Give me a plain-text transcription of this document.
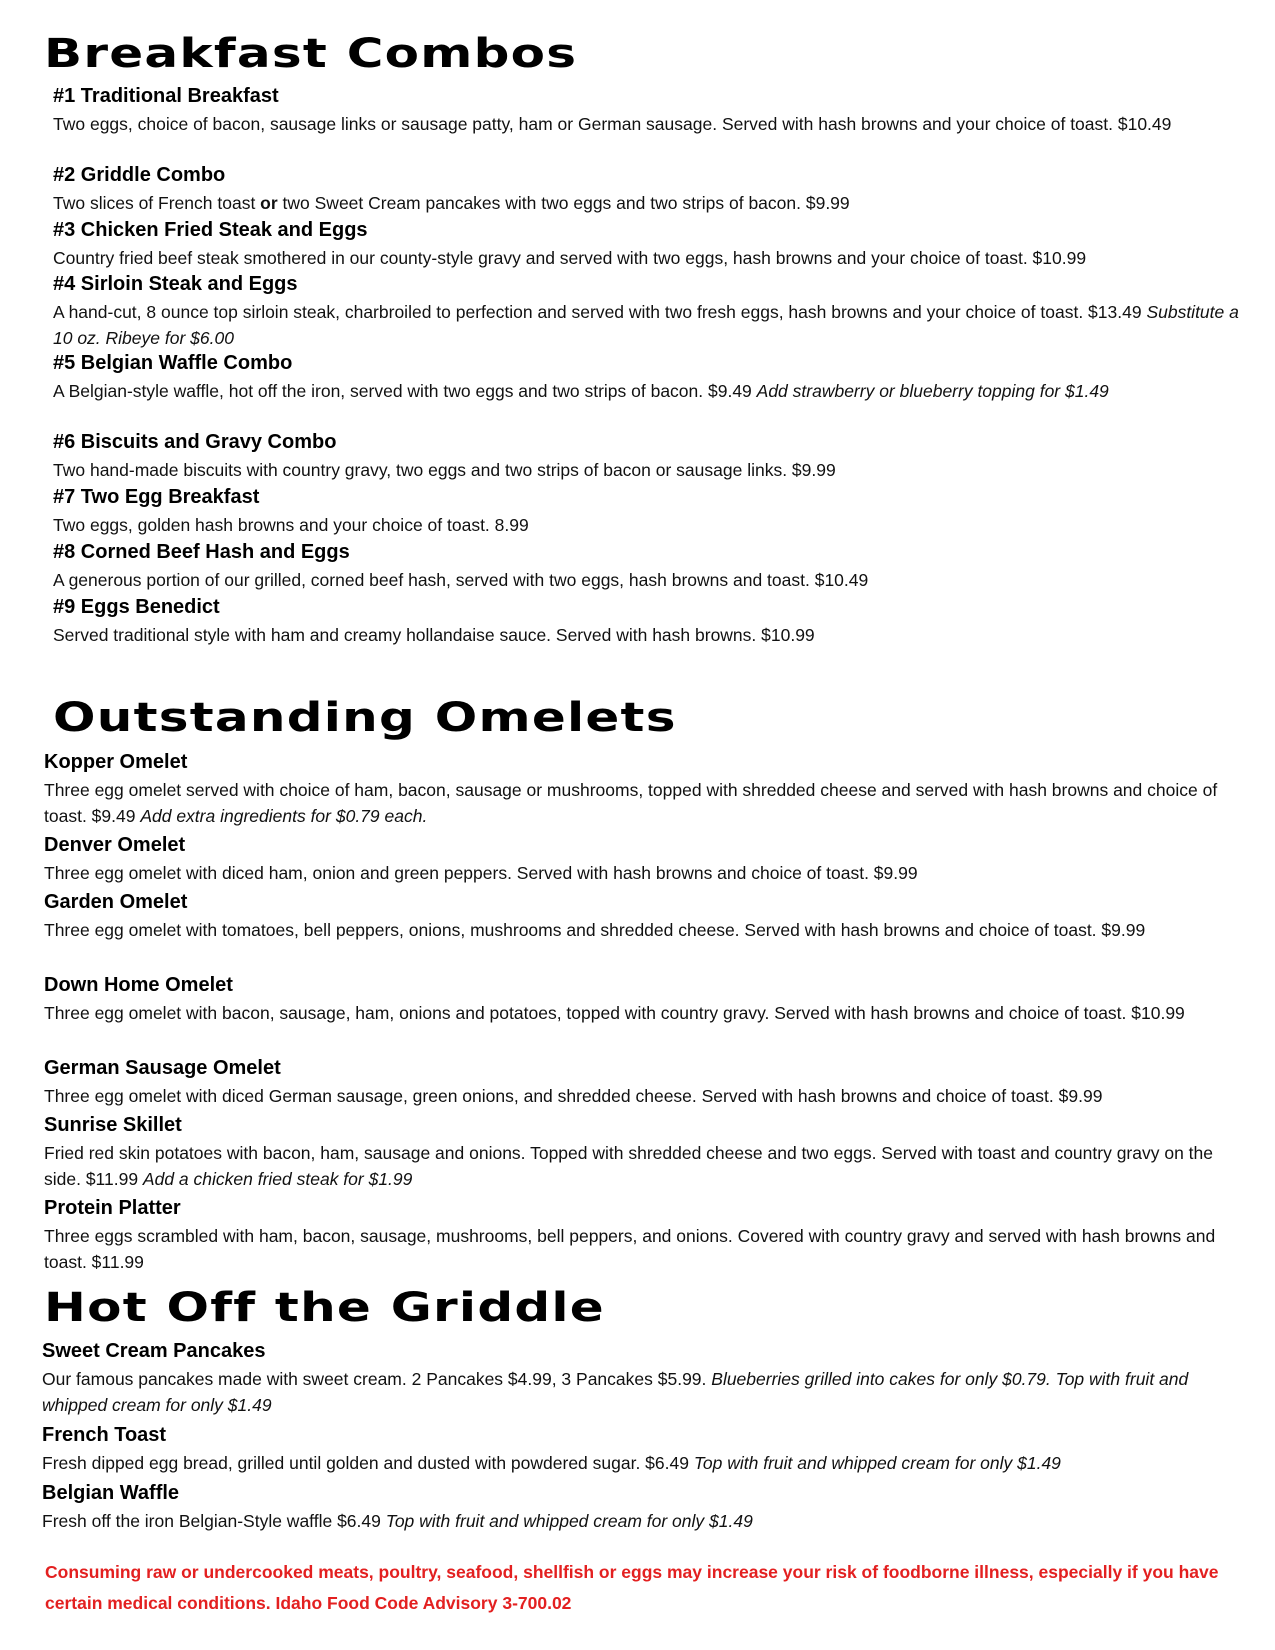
Breakfast Combos
#1 Traditional Breakfast
Two eggs, choice of bacon, sausage links or sausage patty, ham or German sausage. Served with hash browns and your choice of toast. $10.49
#2 Griddle Combo
Two slices of French toast or two Sweet Cream pancakes with two eggs and two strips of bacon. $9.99
#3 Chicken Fried Steak and Eggs
Country fried beef steak smothered in our county-style gravy and served with two eggs, hash browns and your choice of toast. $10.99
#4 Sirloin Steak and Eggs
A hand-cut, 8 ounce top sirloin steak, charbroiled to perfection and served with two fresh eggs, hash browns and your choice of toast. $13.49 Substitute a 10 oz. Ribeye for $6.00
#5 Belgian Waffle Combo
A Belgian-style waffle, hot off the iron, served with two eggs and two strips of bacon. $9.49 Add strawberry or blueberry topping for $1.49
#6 Biscuits and Gravy Combo
Two hand-made biscuits with country gravy, two eggs and two strips of bacon or sausage links. $9.99
#7 Two Egg Breakfast
Two eggs, golden hash browns and your choice of toast. 8.99
#8 Corned Beef Hash and Eggs
A generous portion of our grilled, corned beef hash, served with two eggs, hash browns and toast. $10.49
#9 Eggs Benedict
Served traditional style with ham and creamy hollandaise sauce. Served with hash browns. $10.99
Outstanding Omelets
Kopper Omelet
Three egg omelet served with choice of ham, bacon, sausage or mushrooms, topped with shredded cheese and served with hash browns and choice of toast. $9.49 Add extra ingredients for $0.79 each.
Denver Omelet
Three egg omelet with diced ham, onion and green peppers. Served with hash browns and choice of toast. $9.99
Garden Omelet
Three egg omelet with tomatoes, bell peppers, onions, mushrooms and shredded cheese. Served with hash browns and choice of toast. $9.99
Down Home Omelet
Three egg omelet with bacon, sausage, ham, onions and potatoes, topped with country gravy. Served with hash browns and choice of toast. $10.99
German Sausage Omelet
Three egg omelet with diced German sausage, green onions, and shredded cheese. Served with hash browns and choice of toast. $9.99
Sunrise Skillet
Fried red skin potatoes with bacon, ham, sausage and onions. Topped with shredded cheese and two eggs. Served with toast and country gravy on the side. $11.99 Add a chicken fried steak for $1.99
Protein Platter
Three eggs scrambled with ham, bacon, sausage, mushrooms, bell peppers, and onions. Covered with country gravy and served with hash browns and toast. $11.99
Hot Off the Griddle
Sweet Cream Pancakes
Our famous pancakes made with sweet cream. 2 Pancakes $4.99, 3 Pancakes $5.99. Blueberries grilled into cakes for only $0.79. Top with fruit and whipped cream for only $1.49
French Toast
Fresh dipped egg bread, grilled until golden and dusted with powdered sugar. $6.49 Top with fruit and whipped cream for only $1.49
Belgian Waffle
Fresh off the iron Belgian-Style waffle $6.49 Top with fruit and whipped cream for only $1.49
Consuming raw or undercooked meats, poultry, seafood, shellfish or eggs may increase your risk of foodborne illness, especially if you have certain medical conditions. Idaho Food Code Advisory 3-700.02
